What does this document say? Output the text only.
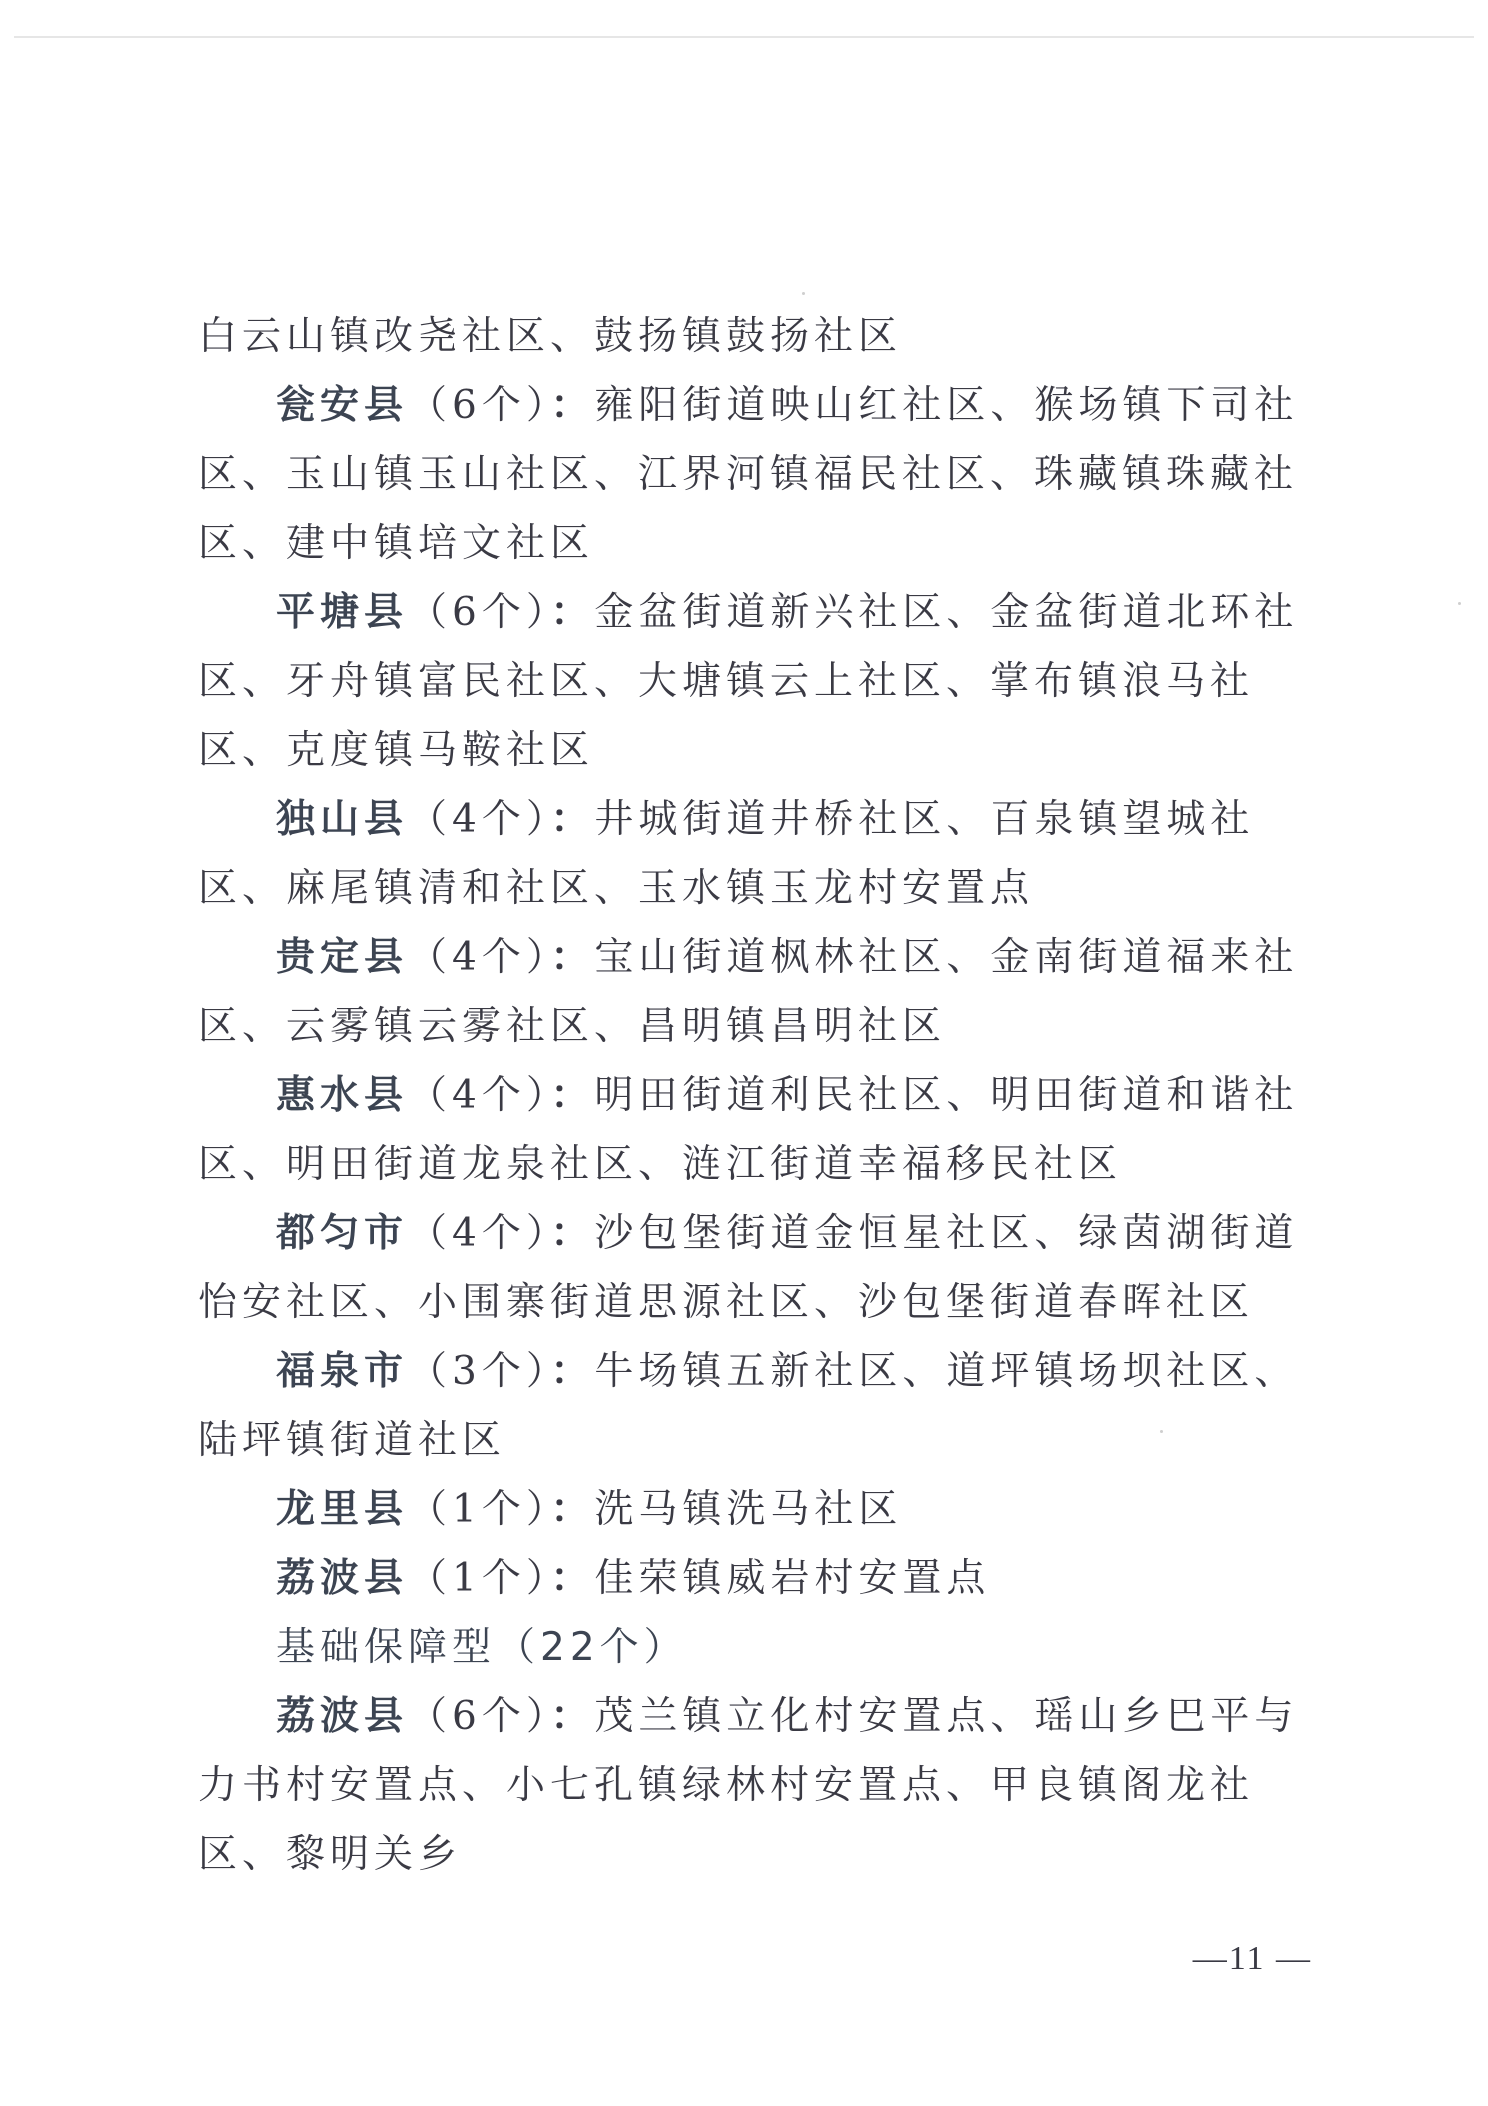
白云山镇改尧社区、鼓扬镇鼓扬社区

瓮安县（6个）：雍阳街道映山红社区、猴场镇下司社区、玉山镇玉山社区、江界河镇福民社区、珠藏镇珠藏社区、建中镇培文社区

平塘县（6个）：金盆街道新兴社区、金盆街道北环社区、牙舟镇富民社区、大塘镇云上社区、掌布镇浪马社区、克度镇马鞍社区

独山县（4个）：井城街道井桥社区、百泉镇望城社区、麻尾镇清和社区、玉水镇玉龙村安置点

贵定县（4个）：宝山街道枫林社区、金南街道福来社区、云雾镇云雾社区、昌明镇昌明社区

惠水县（4个）：明田街道利民社区、明田街道和谐社区、明田街道龙泉社区、涟江街道幸福移民社区

都匀市（4个）：沙包堡街道金恒星社区、绿茵湖街道怡安社区、小围寨街道思源社区、沙包堡街道春晖社区

福泉市（3个）：牛场镇五新社区、道坪镇场坝社区、陆坪镇街道社区

龙里县（1个）：洗马镇洗马社区

荔波县（1个）：佳荣镇威岩村安置点

基础保障型（22个）

荔波县（6个）：茂兰镇立化村安置点、瑶山乡巴平与力书村安置点、小七孔镇绿林村安置点、甲良镇阁龙社区、黎明关乡

—11 —
